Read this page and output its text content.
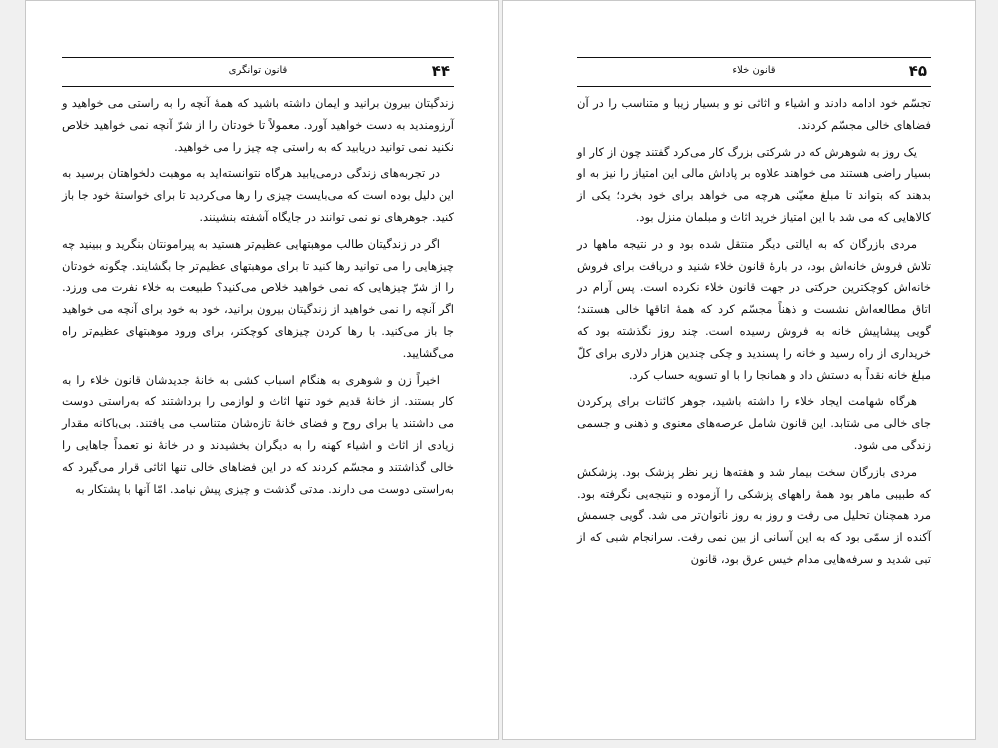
۴۴
قانون توانگری

زندگیتان بیرون برانید و ایمان داشته باشید که همهٔ آنچه را به راستی می خواهید و آرزومندید به دست خواهید آورد. معمولاً تا خودتان را از شرّ آنچه نمی خواهید خلاص نکنید نمی توانید دریابید که به راستی چه چیز را می خواهید.

در تجربه‌های زندگی درمی‌یابید هرگاه نتوانسته‌اید به موهبت دلخواهتان برسید به این دلیل بوده است که می‌بایست چیزی را رها می‌کردید تا برای خواستهٔ خود جا باز کنید. جوهرهای نو نمی توانند در جایگاه آشفته بنشینند.

اگر در زندگیتان طالب موهبتهایی عظیم‌تر هستید به پیرامونتان بنگرید و ببینید چه چیزهایی را می توانید رها کنید تا برای موهبتهای عظیم‌تر جا بگشایند. چگونه خودتان را از شرّ چیزهایی که نمی خواهید خلاص می‌کنید؟ طبیعت به خلاء نفرت می ورزد. اگر آنچه را نمی خواهید از زندگیتان بیرون برانید، خود به خود برای آنچه می خواهید جا باز می‌کنید. با رها کردن چیزهای کوچکتر، برای ورود موهبتهای عظیم‌تر راه می‌گشایید.

اخیراً زن و شوهری به هنگام اسباب کشی به خانهٔ جدیدشان قانون خلاء را به کار بستند. از خانهٔ قدیم خود تنها اثاث و لوازمی را برداشتند که به‌راستی دوست می داشتند یا برای روح و فضای خانهٔ تازه‌شان متناسب می یافتند. بی‌باکانه مقدار زیادی از اثاث و اشیاء کهنه را به دیگران بخشیدند و در خانهٔ نو تعمداً جاهایی را خالی گذاشتند و مجسّم کردند که در این فضاهای خالی تنها اثاثی قرار می‌گیرد که به‌راستی دوست می دارند. مدتی گذشت و چیزی پیش نیامد. امّا آنها با پشتکار به

۴۵
قانون خلاء

تجسّم خود ادامه دادند و اشیاء و اثاثی نو و بسیار زیبا و متناسب را در آن فضاهای خالی مجسّم کردند.

یک روز به شوهرش که در شرکتی بزرگ کار می‌کرد گفتند چون از کار او بسیار راضی هستند می خواهند علاوه بر پاداش مالی این امتیاز را نیز به او بدهند که بتواند تا مبلغ معیّنی هرچه می خواهد برای خود بخرد؛ یکی از کالاهایی که می شد با این امتیاز خرید اثاث و مبلمان منزل بود.

مردی بازرگان که به ایالتی دیگر منتقل شده بود و در نتیجه ماهها در تلاش فروش خانه‌اش بود، در بارهٔ قانون خلاء شنید و دریافت برای فروش خانه‌اش کوچکترین حرکتی در جهت قانون خلاء نکرده است. پس آرام در اتاق مطالعه‌اش نشست و ذهناً مجسّم کرد که همهٔ اتاقها خالی هستند؛ گویی پیشاپیش خانه به فروش رسیده است. چند روز نگذشته بود که خریداری از راه رسید و خانه را پسندید و چکی چندین هزار دلاری برای کلّ مبلغ خانه نقداً به دستش داد و همانجا را با او تسویه حساب کرد.

هرگاه شهامت ایجاد خلاء را داشته باشید، جوهر کائنات برای پرکردن جای خالی می شتابد. این قانون شامل عرصه‌های معنوی و ذهنی و جسمی زندگی می شود.

مردی بازرگان سخت بیمار شد و هفته‌ها زیر نظر پزشک بود. پزشکش که طبیبی ماهر بود همهٔ راههای پزشکی را آزموده و نتیجه‌یی نگرفته بود. مرد همچنان تحلیل می رفت و روز به روز ناتوان‌تر می شد. گویی جسمش آکنده از سمّی بود که به این آسانی از بین نمی رفت. سرانجام شبی که از تبی شدید و سرفه‌هایی مدام خیس عرق بود، قانون
